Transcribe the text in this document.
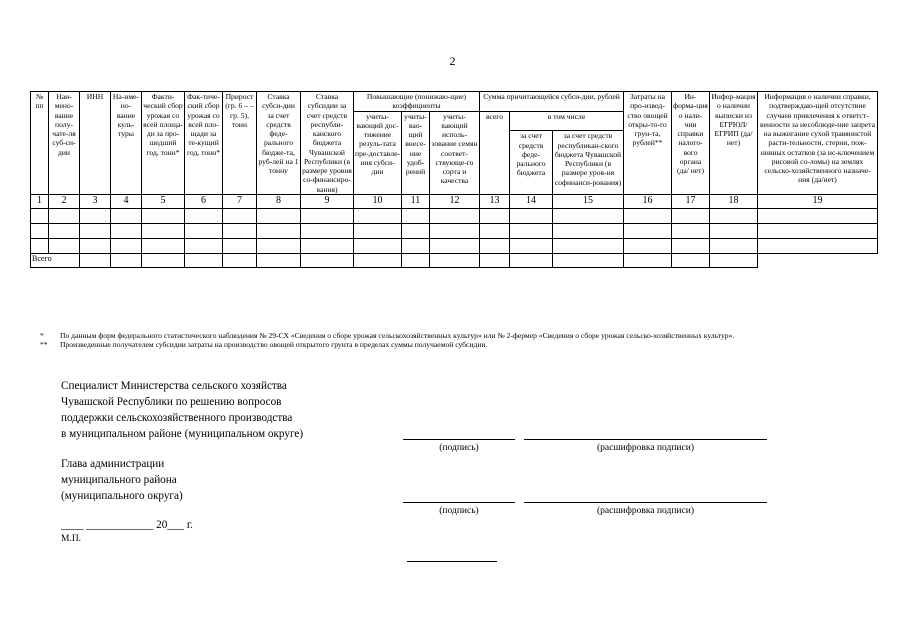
2
№ пп	Наи-мено-вание полу-чате-ля суб-си-дии	ИНН	На-име-но-вание куль-туры	Факти-ческий сбор урожая со всей площа-ди за про-шедший год, тонн*	Фак-тиче-ский сбор урожая со всей пло-щади за те-кущий год, тонн*	Прирост (гр. 6 – – гр. 5), тонн	Ставка субси-дии за счет средств феде-рального бюдже-та, руб-лей на 1 тонну	Ставка субсидии за счет средств республи-канского бюджета Чувашской Республики (в размере уровня со-финансиро-вания)	Повышающие (понижаю-щие) коэффициенты			Сумма причитающейся субси-дии, рублей			Затраты на про-извод-ство овощей откры-то-го грун-та, рублей**	Ин-форма-ция о нали-чии справки налого-вого органа (да/ нет)	Инфор-мация о наличии выписки из ЕГРЮЛ/ ЕГРИП (да/нет)	Информация о наличии справки, подтверждаю-щей отсутствие случаев привлечения к ответст-венности за несоблюде-ние запрета на выжигание сухой травянистой расти-тельности, стерни, пож-нивных остатков (за ис-ключением рисовой со-ломы) на землях сельско-хозяйственного назначе-ния (да/нет)
									учиты-вающий дос-тижение резуль-тата пре-доставле-ния субси-дии	учиты-вао-щий внесе-ние удоб-рений	учиты-вающий исполь-зование семян соответ-ствующе-го сорта и качества	всего	в том числе					
													за счет средств феде-рального бюджета	за счет средств республикан-ского бюджета Чувашской Республики (в размере уров-ня софинанси-рования)				
1	2	3	4	5	6	7	8	9	10	11	12	13	14	15	16	17	18	19

Всего																		
*	По данным форм федерального статистического наблюдения № 29-СХ «Сведения о сборе урожая сельскохозяйственных культур» или № 2-фермер «Сведения о сборе урожая сельско-хозяйственных культур».
**	Произведенные получателем субсидии затраты на производство овощей открытого грунта в пределах суммы получаемой субсидии.
Специалист Министерства сельского хозяйства
Чувашской Республики по решению вопросов
поддержки сельскохозяйственного производства
в муниципальном районе (муниципальном округе)
(подпись)	(расшифровка подписи)
Глава администрации
муниципального района
(муниципального округа)
(подпись)	(расшифровка подписи)
____ ____________ 20___ г.
М.П.
